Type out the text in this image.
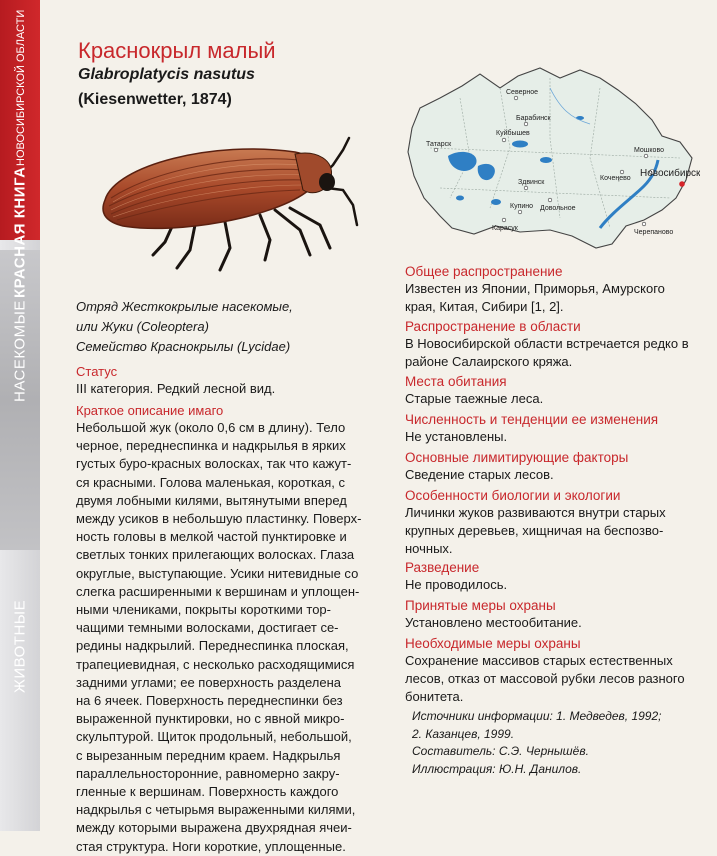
КРАСНАЯ КНИГА
НОВОСИБИРСКОЙ ОБЛАСТИ
НАСЕКОМЫЕ
ЖИВОТНЫЕ
Краснокрыл малый
Glabroplatycis nasutus
(Kiesenwetter, 1874)	Северное
Татарск
Барабинск
Куйбышев
Здвинск
Карасук
Купино Довольное
Мошково
Новосибирск
Кочеңево
Черепаново
Отряд Жесткокрылые насекомые,
или Жуки (Coleoptera)
Семейство Краснокрылы (Lycidae)
Статус
III категория. Редкий лесной вид.
Краткое описание имаго
Небольшой жук (около 0,6 см в длину). Тело
черное, переднеспинка и надкрылья в ярких
густых буро-красных волосках, так что кажут-
ся красными. Голова маленькая, короткая, с
двумя лобными килями, вытянутыми вперед
между усиков в небольшую пластинку. Поверх-
ность головы в мелкой частой пунктировке и
светлых тонких прилегающих волосках. Глаза
округлые, выступающие. Усики нитевидные со
слегка расширенными к вершинам и уплощен-
ными члениками, покрыты короткими тор-
чащими темными волосками, достигает се-
редины надкрылий. Переднеспинка плоская,
трапециевидная, с несколько расходящимися
задними углами; ее поверхность разделена
на 6 ячеек. Поверхность переднеспинки без
выраженной пунктировки, но с явной микро-
скульптурой. Щиток продольный, небольшой,
с вырезанным передним краем. Надкрылья
параллельносторонние, равномерно закру-
гленные к вершинам. Поверхность каждого
надкрылья с четырьмя выраженными килями,
между которыми выражена двухрядная ячеи-
стая структура. Ноги короткие, уплощенные.
Общее распространение
Известен из Японии, Приморья, Амурского
края, Китая, Сибири [1, 2].
Распространение в области
В Новосибирской области встречается редко в
районе Салаирского кряжа.
Места обитания
Старые таежные леса.
Численность и тенденции ее изменения
Не установлены.
Основные лимитирующие факторы
Сведение старых лесов.
Особенности биологии и экологии
Личинки жуков развиваются внутри старых
крупных деревьев, хищничая на беспозво-
ночных.
Разведение
Не проводилось.
Принятые меры охраны
Установлено местообитание.
Необходимые меры охраны
Сохранение массивов старых естественных
лесов, отказ от массовой рубки лесов разного
бонитета.
Источники информации: 1. Медведев, 1992;
2. Казанцев, 1999.
Составитель: С.Э. Чернышёв.
Иллюстрация: Ю.Н. Данилов.
